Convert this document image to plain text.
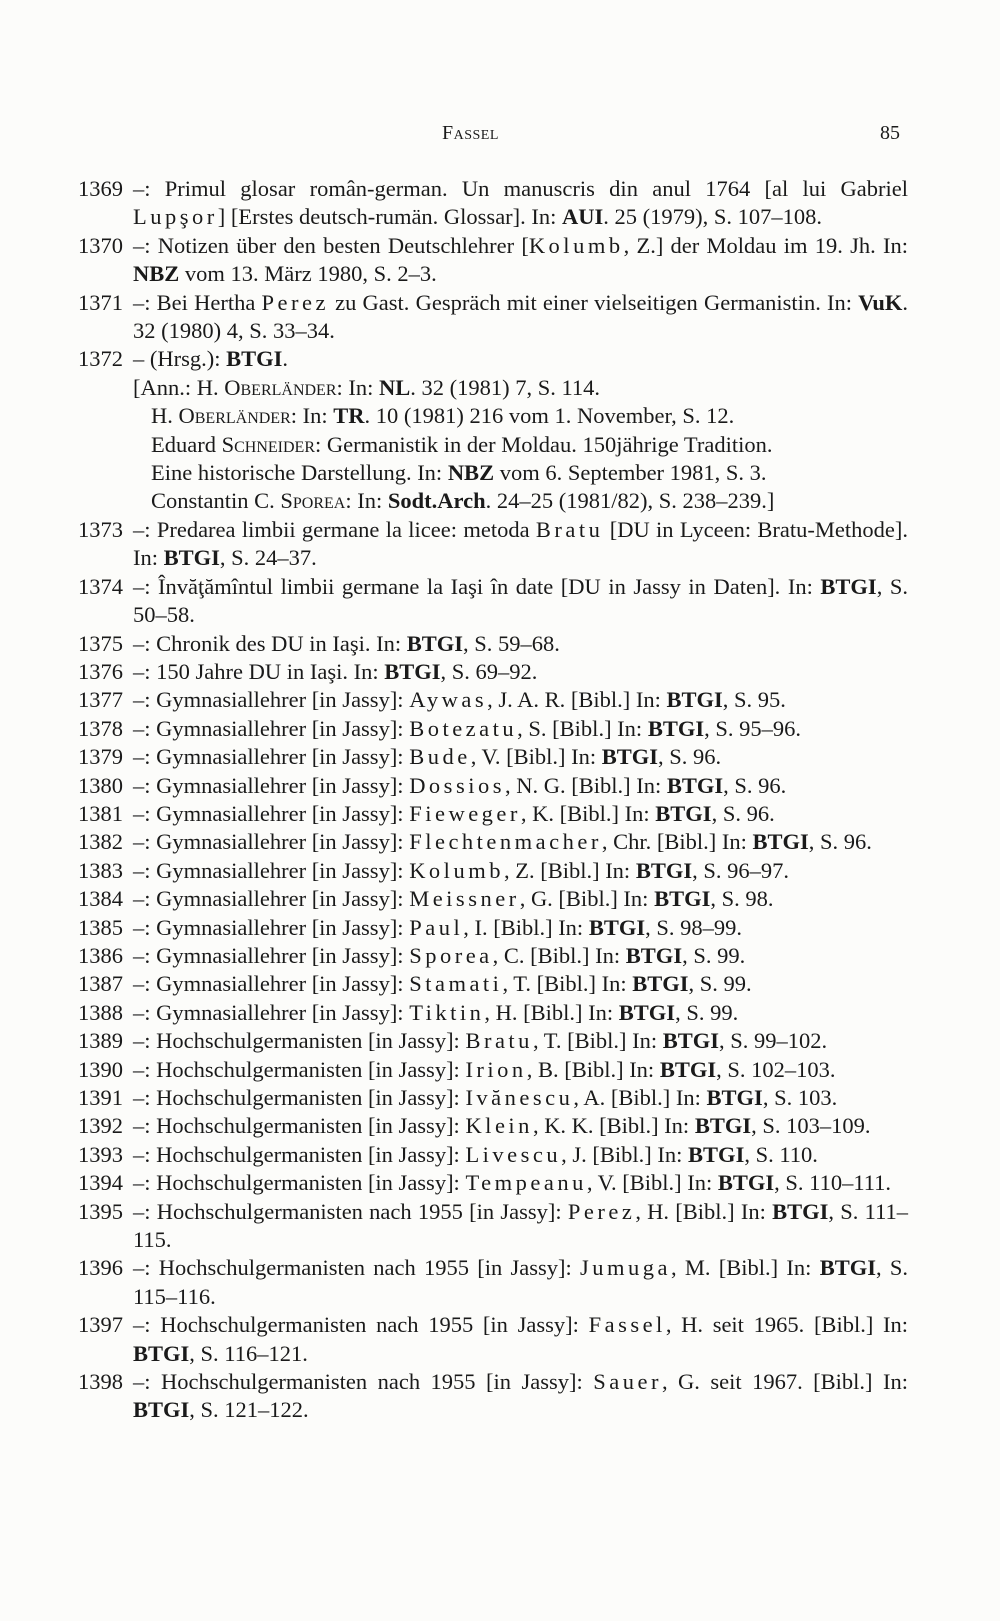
Fassel	85
1369 –: Primul glosar român-german. Un manuscris din anul 1764 [al lui Gabriel Lupşor] [Erstes deutsch-rumän. Glossar]. In: AUI. 25 (1979), S. 107–108.
1370 –: Notizen über den besten Deutschlehrer [Kolumb, Z.] der Moldau im 19. Jh. In: NBZ vom 13. März 1980, S. 2–3.
1371 –: Bei Hertha Perez zu Gast. Gespräch mit einer vielseitigen Germanistin. In: VuK. 32 (1980) 4, S. 33–34.
1372 – (Hrsg.): BTGI.
[Ann.: H. Oberländer: In: NL. 32 (1981) 7, S. 114.
H. Oberländer: In: TR. 10 (1981) 216 vom 1. November, S. 12.
Eduard Schneider: Germanistik in der Moldau. 150jährige Tradition.
Eine historische Darstellung. In: NBZ vom 6. September 1981, S. 3.
Constantin C. Sporea: In: Sodt.Arch. 24–25 (1981/82), S. 238–239.]
1373 –: Predarea limbii germane la licee: metoda Bratu [DU in Lyceen: Bratu-Methode]. In: BTGI, S. 24–37.
1374 –: Învăţămîntul limbii germane la Iaşi în date [DU in Jassy in Daten]. In: BTGI, S. 50–58.
1375 –: Chronik des DU in Iaşi. In: BTGI, S. 59–68.
1376 –: 150 Jahre DU in Iaşi. In: BTGI, S. 69–92.
1377 –: Gymnasiallehrer [in Jassy]: Aywas, J. A. R. [Bibl.] In: BTGI, S. 95.
1378 –: Gymnasiallehrer [in Jassy]: Botezatu, S. [Bibl.] In: BTGI, S. 95–96.
1379 –: Gymnasiallehrer [in Jassy]: Bude, V. [Bibl.] In: BTGI, S. 96.
1380 –: Gymnasiallehrer [in Jassy]: Dossios, N. G. [Bibl.] In: BTGI, S. 96.
1381 –: Gymnasiallehrer [in Jassy]: Fieweger, K. [Bibl.] In: BTGI, S. 96.
1382 –: Gymnasiallehrer [in Jassy]: Flechtenmacher, Chr. [Bibl.] In: BTGI, S. 96.
1383 –: Gymnasiallehrer [in Jassy]: Kolumb, Z. [Bibl.] In: BTGI, S. 96–97.
1384 –: Gymnasiallehrer [in Jassy]: Meissner, G. [Bibl.] In: BTGI, S. 98.
1385 –: Gymnasiallehrer [in Jassy]: Paul, I. [Bibl.] In: BTGI, S. 98–99.
1386 –: Gymnasiallehrer [in Jassy]: Sporea, C. [Bibl.] In: BTGI, S. 99.
1387 –: Gymnasiallehrer [in Jassy]: Stamati, T. [Bibl.] In: BTGI, S. 99.
1388 –: Gymnasiallehrer [in Jassy]: Tiktin, H. [Bibl.] In: BTGI, S. 99.
1389 –: Hochschulgermanisten [in Jassy]: Bratu, T. [Bibl.] In: BTGI, S. 99–102.
1390 –: Hochschulgermanisten [in Jassy]: Irion, B. [Bibl.] In: BTGI, S. 102–103.
1391 –: Hochschulgermanisten [in Jassy]: Ivănescu, A. [Bibl.] In: BTGI, S. 103.
1392 –: Hochschulgermanisten [in Jassy]: Klein, K. K. [Bibl.] In: BTGI, S. 103–109.
1393 –: Hochschulgermanisten [in Jassy]: Livescu, J. [Bibl.] In: BTGI, S. 110.
1394 –: Hochschulgermanisten [in Jassy]: Tempeanu, V. [Bibl.] In: BTGI, S. 110–111.
1395 –: Hochschulgermanisten nach 1955 [in Jassy]: Perez, H. [Bibl.] In: BTGI, S. 111–115.
1396 –: Hochschulgermanisten nach 1955 [in Jassy]: Jumuga, M. [Bibl.] In: BTGI, S. 115–116.
1397 –: Hochschulgermanisten nach 1955 [in Jassy]: Fassel, H. seit 1965. [Bibl.] In: BTGI, S. 116–121.
1398 –: Hochschulgermanisten nach 1955 [in Jassy]: Sauer, G. seit 1967. [Bibl.] In: BTGI, S. 121–122.
